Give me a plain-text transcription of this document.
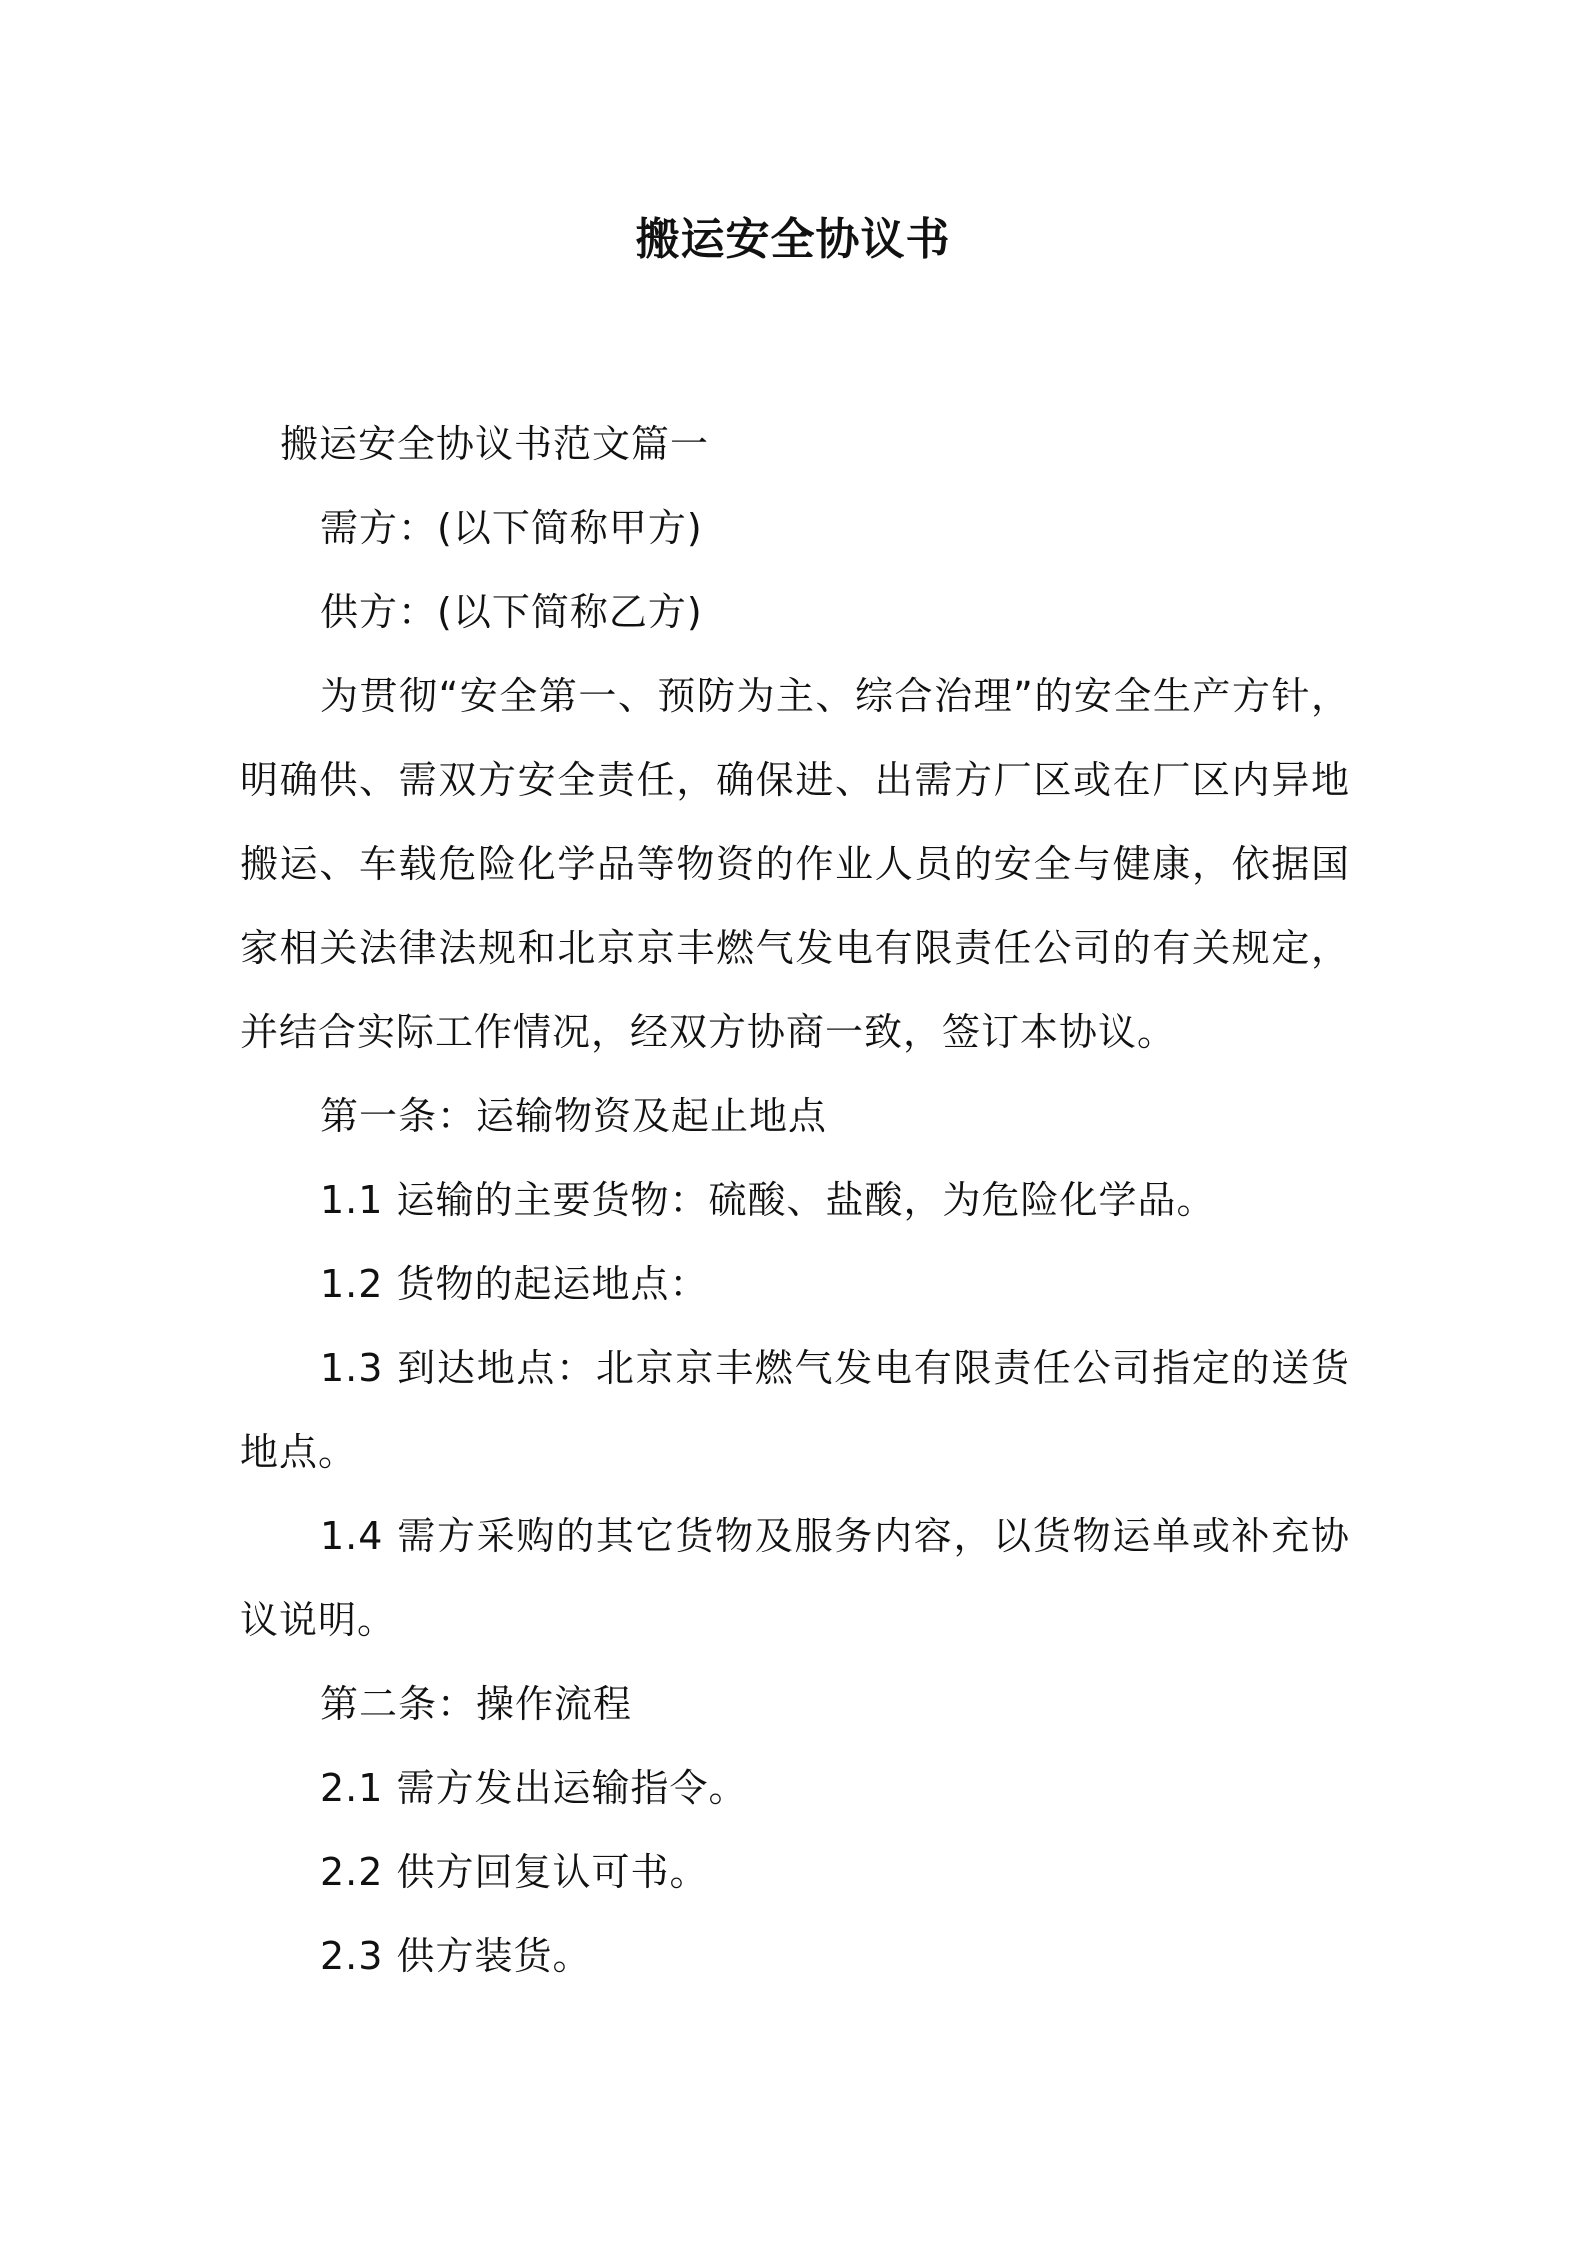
搬运安全协议书

搬运安全协议书范文篇一

需方：(以下简称甲方)

供方：(以下简称乙方)

为贯彻“安全第一、预防为主、综合治理”的安全生产方针，明确供、需双方安全责任，确保进、出需方厂区或在厂区内异地搬运、车载危险化学品等物资的作业人员的安全与健康，依据国家相关法律法规和北京京丰燃气发电有限责任公司的有关规定，并结合实际工作情况，经双方协商一致，签订本协议。

第一条：运输物资及起止地点

1.1 运输的主要货物：硫酸、盐酸，为危险化学品。

1.2 货物的起运地点：

1.3 到达地点：北京京丰燃气发电有限责任公司指定的送货地点。

1.4 需方采购的其它货物及服务内容，以货物运单或补充协议说明。

第二条：操作流程

2.1 需方发出运输指令。

2.2 供方回复认可书。

2.3 供方装货。
